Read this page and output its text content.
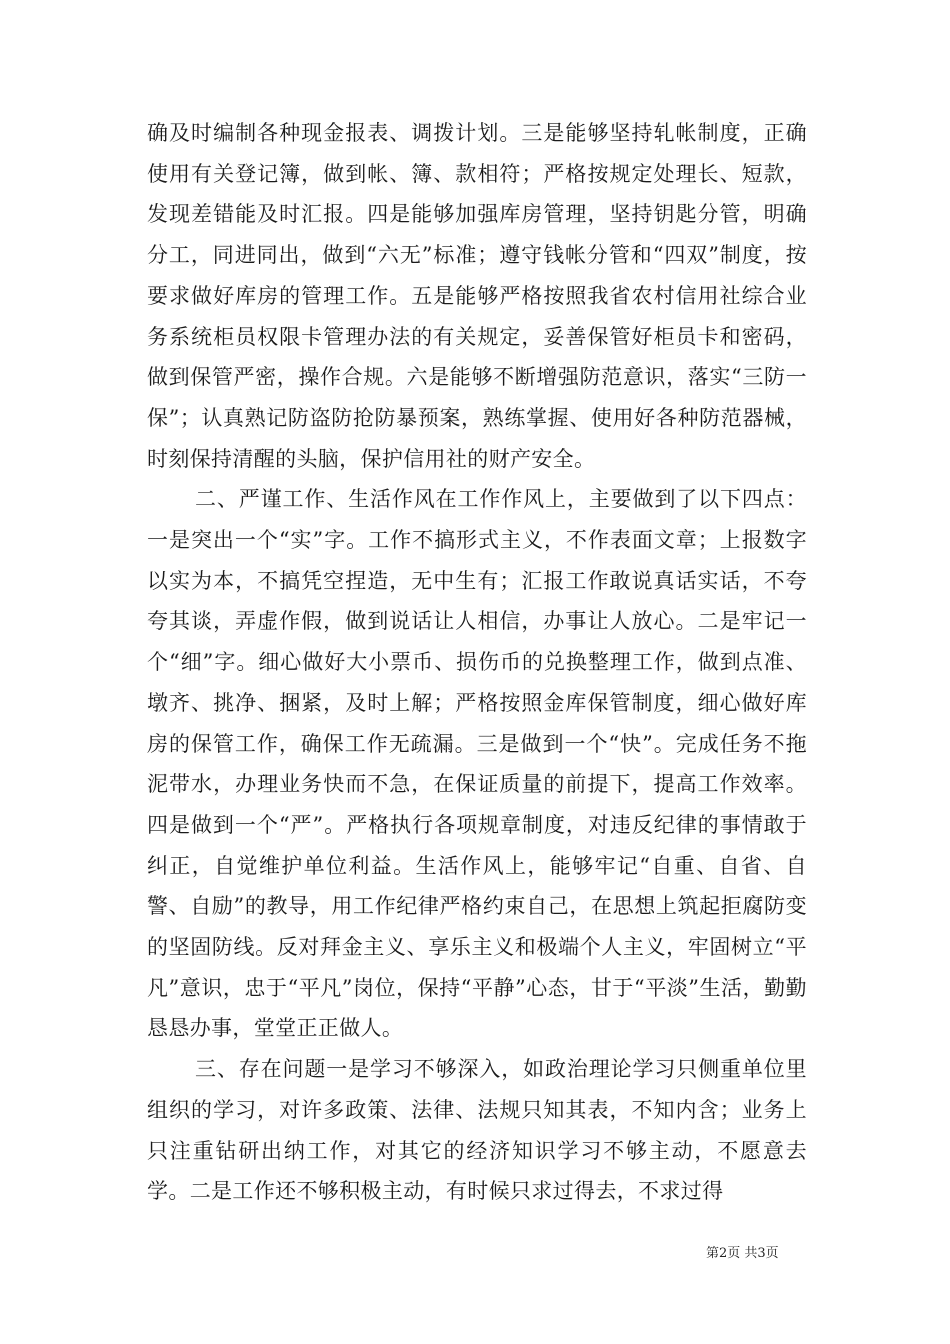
确及时编制各种现金报表、调拨计划。三是能够坚持轧帐制度，正确使用有关登记簿，做到帐、簿、款相符；严格按规定处理长、短款，发现差错能及时汇报。四是能够加强库房管理，坚持钥匙分管，明确分工，同进同出，做到“六无”标准；遵守钱帐分管和“四双”制度，按要求做好库房的管理工作。五是能够严格按照我省农村信用社综合业务系统柜员权限卡管理办法的有关规定，妥善保管好柜员卡和密码，做到保管严密，操作合规。六是能够不断增强防范意识，落实“三防一保”；认真熟记防盗防抢防暴预案，熟练掌握、使用好各种防范器械，时刻保持清醒的头脑，保护信用社的财产安全。

二、严谨工作、生活作风在工作作风上，主要做到了以下四点：一是突出一个“实”字。工作不搞形式主义，不作表面文章；上报数字以实为本，不搞凭空捏造，无中生有；汇报工作敢说真话实话，不夸夸其谈，弄虚作假，做到说话让人相信，办事让人放心。二是牢记一个“细”字。细心做好大小票币、损伤币的兑换整理工作，做到点准、墩齐、挑净、捆紧，及时上解；严格按照金库保管制度，细心做好库房的保管工作，确保工作无疏漏。三是做到一个“快”。完成任务不拖泥带水，办理业务快而不急，在保证质量的前提下，提高工作效率。四是做到一个“严”。严格执行各项规章制度，对违反纪律的事情敢于纠正，自觉维护单位利益。生活作风上，能够牢记“自重、自省、自警、自励”的教导，用工作纪律严格约束自己，在思想上筑起拒腐防变的坚固防线。反对拜金主义、享乐主义和极端个人主义，牢固树立“平凡”意识，忠于“平凡”岗位，保持“平静”心态，甘于“平淡”生活，勤勤恳恳办事，堂堂正正做人。

三、存在问题一是学习不够深入，如政治理论学习只侧重单位里组织的学习，对许多政策、法律、法规只知其表，不知内含；业务上只注重钻研出纳工作，对其它的经济知识学习不够主动，不愿意去学。二是工作还不够积极主动，有时候只求过得去，不求过得

第2页 共3页
